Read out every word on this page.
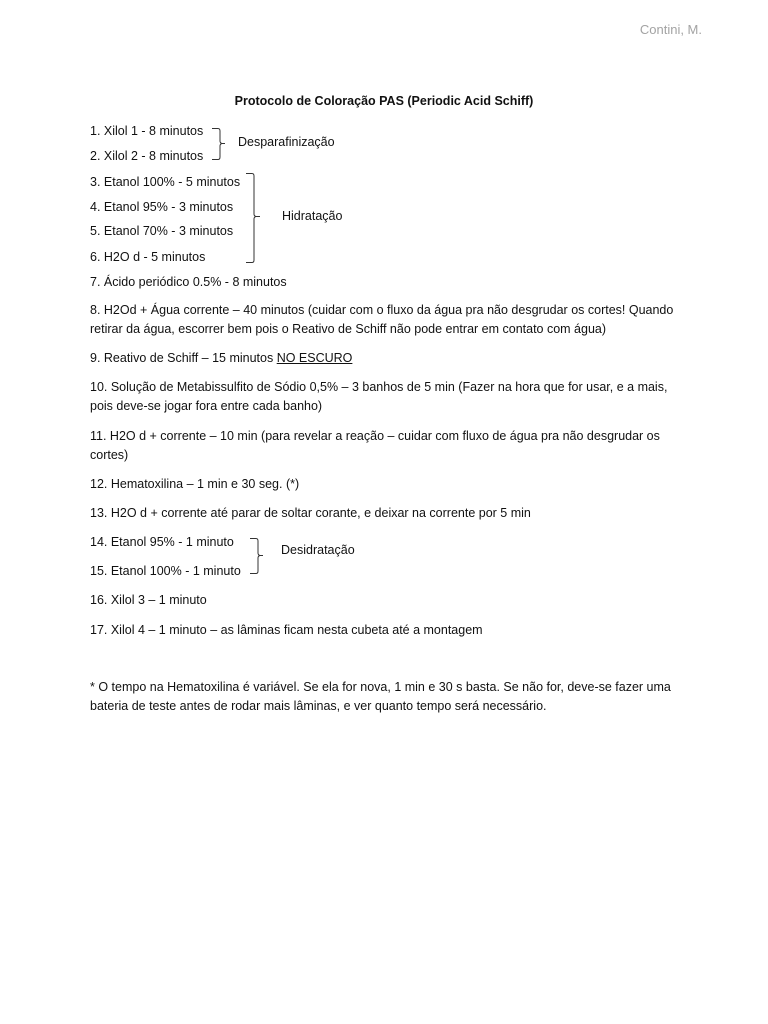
Contini, M.
Protocolo de Coloração PAS (Periodic Acid Schiff)
1. Xilol 1 - 8 minutos
2. Xilol 2 - 8 minutos
Desparafinização
3. Etanol 100% - 5 minutos
4. Etanol 95% - 3 minutos
5. Etanol 70% - 3 minutos
6. H2O d - 5 minutos
Hidratação
7. Ácido periódico 0.5% - 8 minutos
8. H2Od + Água corrente – 40 minutos (cuidar com o fluxo da água pra não desgrudar os cortes! Quando retirar da água, escorrer bem pois o Reativo de Schiff não pode entrar em contato com água)
9. Reativo de Schiff – 15 minutos NO ESCURO
10. Solução de Metabissulfito de Sódio 0,5% – 3 banhos de 5 min (Fazer na hora que for usar, e a mais, pois deve-se jogar fora entre cada banho)
11. H2O d + corrente – 10 min (para revelar a reação – cuidar com fluxo de água pra não desgrudar os cortes)
12. Hematoxilina – 1 min e 30 seg. (*)
13. H2O d + corrente até parar de soltar corante, e deixar na corrente por 5 min
14. Etanol 95% - 1 minuto
15. Etanol 100% - 1 minuto
Desidratação
16. Xilol 3 – 1 minuto
17. Xilol 4 – 1 minuto – as lâminas ficam nesta cubeta até a montagem
* O tempo na Hematoxilina é variável. Se ela for nova, 1 min e 30 s basta. Se não for, deve-se fazer uma bateria de teste antes de rodar mais lâminas, e ver quanto tempo será necessário.
